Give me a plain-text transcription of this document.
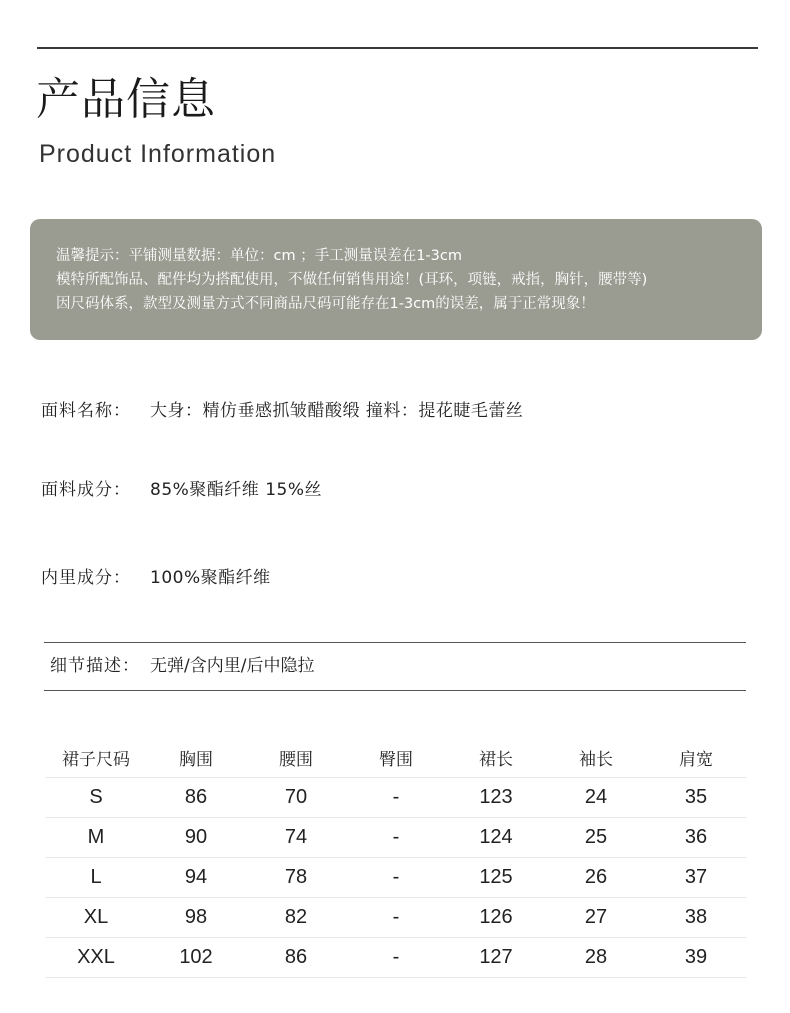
产品信息
Product Information
温馨提示：平铺测量数据：单位：cm ；手工测量误差在1-3cm
模特所配饰品、配件均为搭配使用，不做任何销售用途！(耳环，项链，戒指，胸针，腰带等)
因尺码体系，款型及测量方式不同商品尺码可能存在1-3cm的误差，属于正常现象！
面料名称： 大身：精仿垂感抓皱醋酸缎 撞料：提花睫毛蕾丝
面料成分： 85%聚酯纤维 15%丝
内里成分： 100%聚酯纤维
细节描述： 无弹/含内里/后中隐拉
裙子尺码	胸围	腰围	臀围	裙长	袖长	肩宽
S	86	70	-	123	24	35
M	90	74	-	124	25	36
L	94	78	-	125	26	37
XL	98	82	-	126	27	38
XXL	102	86	-	127	28	39
